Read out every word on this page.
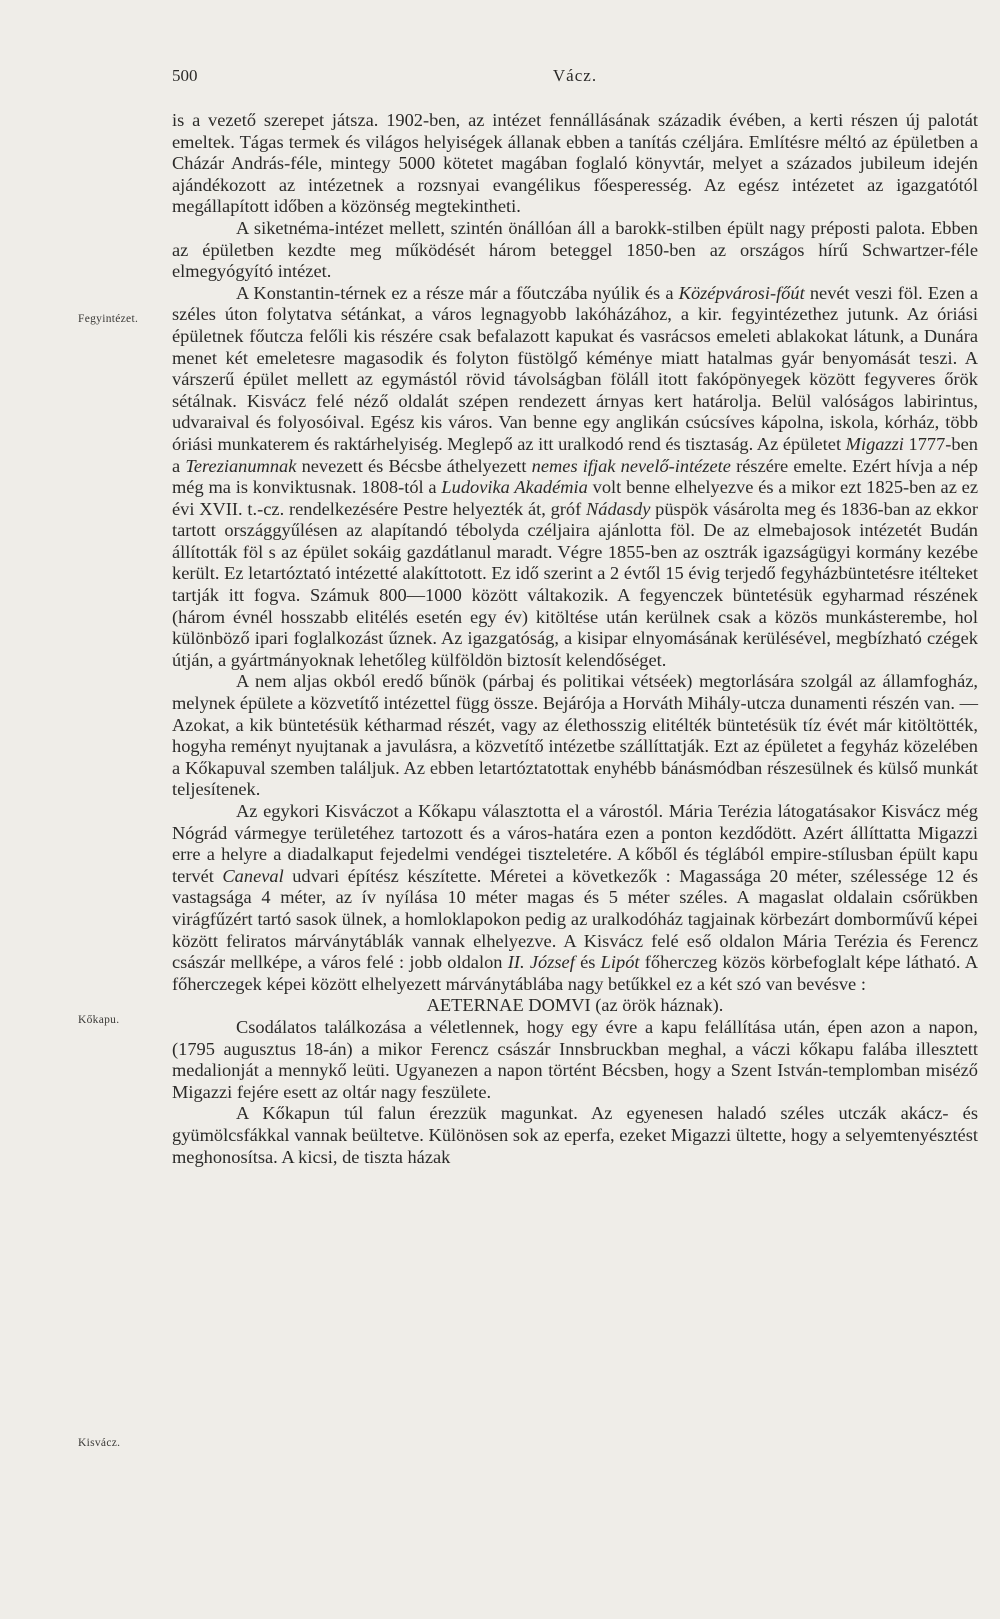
500	Vácz.
Fegyintézet.
Kőkapu.
Kisvácz.

is a vezető szerepet játsza. 1902-ben, az intézet fennállásának századik évében, a kerti részen új palotát emeltek. Tágas termek és világos helyiségek állanak ebben a tanítás czéljára. Említésre méltó az épületben a Cházár András-féle, mintegy 5000 kötetet magában foglaló könyvtár, melyet a százados jubileum idején ajándékozott az intézetnek a rozsnyai evangélikus főesperesség. Az egész intézetet az igazgatótól megállapított időben a közönség megtekintheti.

A siketnéma-intézet mellett, szintén önállóan áll a barokk-stilben épült nagy préposti palota. Ebben az épületben kezdte meg működését három beteggel 1850-ben az országos hírű Schwartzer-féle elmegyógyító intézet.

A Konstantin-térnek ez a része már a főutczába nyúlik és a Középvárosi-főút nevét veszi föl. Ezen a széles úton folytatva sétánkat, a város legnagyobb lakóházához, a kir. fegyintézethez jutunk. Az óriási épületnek főutcza felőli kis részére csak befalazott kapukat és vasrácsos emeleti ablakokat látunk, a Dunára menet két emeletesre magasodik és folyton füstölgő kéménye miatt hatalmas gyár benyomását teszi. A várszerű épület mellett az egymástól rövid távolságban föláll itott fakópönyegek között fegyveres őrök sétálnak. Kisvácz felé néző oldalát szépen rendezett árnyas kert határolja. Belül valóságos labirintus, udvaraival és folyosóival. Egész kis város. Van benne egy anglikán csúcsíves kápolna, iskola, kórház, több óriási munkaterem és raktárhelyiség. Meglepő az itt uralkodó rend és tisztaság. Az épületet Migazzi 1777-ben a Terezianumnak nevezett és Bécsbe áthelyezett nemes ifjak nevelő-intézete részére emelte. Ezért hívja a nép még ma is konviktusnak. 1808-tól a Ludovika Akadémia volt benne elhelyezve és a mikor ezt 1825-ben az ez évi XVII. t.-cz. rendelkezésére Pestre helyezték át, gróf Nádasdy püspök vásárolta meg és 1836-ban az ekkor tartott országgyűlésen az alapítandó tébolyda czéljaira ajánlotta föl. De az elmebajosok intézetét Budán állították föl s az épület sokáig gazdátlanul maradt. Végre 1855-ben az osztrák igazságügyi kormány kezébe került. Ez letartóztató intézetté alakíttotott. Ez idő szerint a 2 évtől 15 évig terjedő fegyházbüntetésre itélteket tartják itt fogva. Számuk 800—1000 között váltakozik. A fegyenczek büntetésük egyharmad részének (három évnél hosszabb elitélés esetén egy év) kitöltése után kerülnek csak a közös munkásterembe, hol különböző ipari foglalkozást űznek. Az igazgatóság, a kisipar elnyomásának kerülésével, megbízható czégek útján, a gyártmányoknak lehetőleg külföldön biztosít kelendőséget.

A nem aljas okból eredő bűnök (párbaj és politikai vétséek) megtorlására szolgál az államfogház, melynek épülete a közvetítő intézettel függ össze. Bejárója a Horváth Mihály-utcza dunamenti részén van. — Azokat, a kik büntetésük kétharmad részét, vagy az élethosszig elitélték büntetésük tíz évét már kitöltötték, hogyha reményt nyujtanak a javulásra, a közvetítő intézetbe szállíttatják. Ezt az épületet a fegyház közelében a Kőkapuval szemben találjuk. Az ebben letartóztatottak enyhébb bánásmódban részesülnek és külső munkát teljesítenek.

Az egykori Kisváczot a Kőkapu választotta el a várostól. Mária Terézia látogatásakor Kisvácz még Nógrád vármegye területéhez tartozott és a város-határa ezen a ponton kezdődött. Azért állíttatta Migazzi erre a helyre a diadalkaput fejedelmi vendégei tiszteletére. A kőből és téglából empire-stílusban épült kapu tervét Caneval udvari építész készítette. Méretei a következők : Magassága 20 méter, szélessége 12 és vastagsága 4 méter, az ív nyílása 10 méter magas és 5 méter széles. A magaslat oldalain csőrükben virágfűzért tartó sasok ülnek, a homloklapokon pedig az uralkodóház tagjainak körbezárt domborművű képei között feliratos márványtáblák vannak elhelyezve. A Kisvácz felé eső oldalon Mária Terézia és Ferencz császár mellképe, a város felé : jobb oldalon II. József és Lipót főherczeg közös körbefoglalt képe látható. A főherczegek képei között elhelyezett márványtáblába nagy betűkkel ez a két szó van bevésve :

AETERNAE DOMVI (az örök háznak).

Csodálatos találkozása a véletlennek, hogy egy évre a kapu felállítása után, épen azon a napon, (1795 augusztus 18-án) a mikor Ferencz császár Innsbruckban meghal, a váczi kőkapu falába illesztett medalionját a mennykő leüti. Ugyanezen a napon történt Bécsben, hogy a Szent István-templomban miséző Migazzi fejére esett az oltár nagy feszülete.

A Kőkapun túl falun érezzük magunkat. Az egyenesen haladó széles utczák akácz- és gyümölcsfákkal vannak beültetve. Különösen sok az eperfa, ezeket Migazzi ültette, hogy a selyemtenyésztést meghonosítsa. A kicsi, de tiszta házak
